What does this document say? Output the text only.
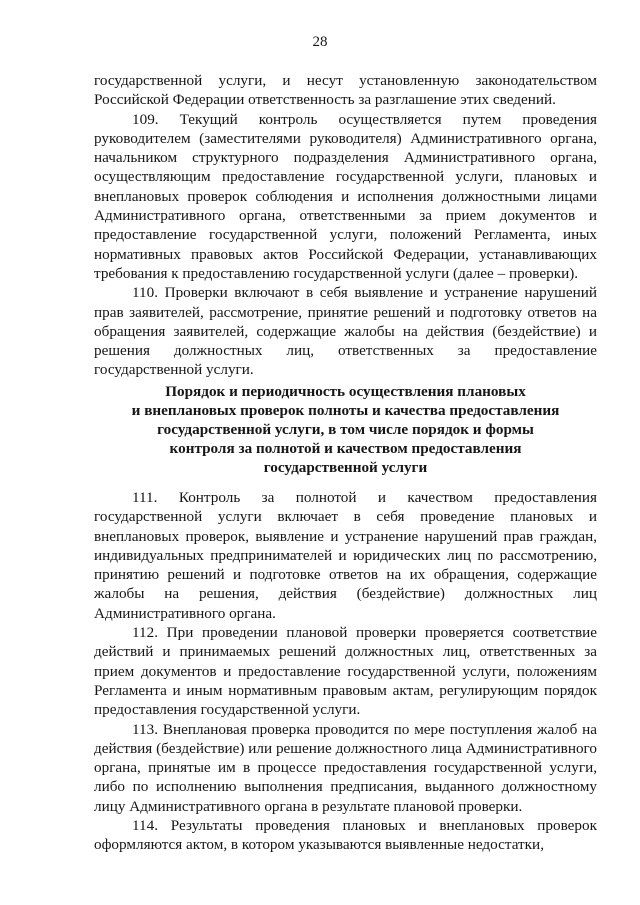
28

государственной услуги, и несут установленную законодательством Российской Федерации ответственность за разглашение этих сведений.

109. Текущий контроль осуществляется путем проведения руководителем (заместителями руководителя) Административного органа, начальником структурного подразделения Административного органа, осуществляющим предоставление государственной услуги, плановых и внеплановых проверок соблюдения и исполнения должностными лицами Административного органа, ответственными за прием документов и предоставление государственной услуги, положений Регламента, иных нормативных правовых актов Российской Федерации, устанавливающих требования к предоставлению государственной услуги (далее – проверки).

110. Проверки включают в себя выявление и устранение нарушений прав заявителей, рассмотрение, принятие решений и подготовку ответов на обращения заявителей, содержащие жалобы на действия (бездействие) и решения должностных лиц, ответственных за предоставление государственной услуги.

Порядок и периодичность осуществления плановых
и внеплановых проверок полноты и качества предоставления
государственной услуги, в том числе порядок и формы
контроля за полнотой и качеством предоставления
государственной услуги

111. Контроль за полнотой и качеством предоставления государственной услуги включает в себя проведение плановых и внеплановых проверок, выявление и устранение нарушений прав граждан, индивидуальных предпринимателей и юридических лиц по рассмотрению, принятию решений и подготовке ответов на их обращения, содержащие жалобы на решения, действия (бездействие) должностных лиц Административного органа.

112. При проведении плановой проверки проверяется соответствие действий и принимаемых решений должностных лиц, ответственных за прием документов и предоставление государственной услуги, положениям Регламента и иным нормативным правовым актам, регулирующим порядок предоставления государственной услуги.

113. Внеплановая проверка проводится по мере поступления жалоб на действия (бездействие) или решение должностного лица Административного органа, принятые им в процессе предоставления государственной услуги, либо по исполнению выполнения предписания, выданного должностному лицу Административного органа в результате плановой проверки.

114. Результаты проведения плановых и внеплановых проверок оформляются актом, в котором указываются выявленные недостатки,
